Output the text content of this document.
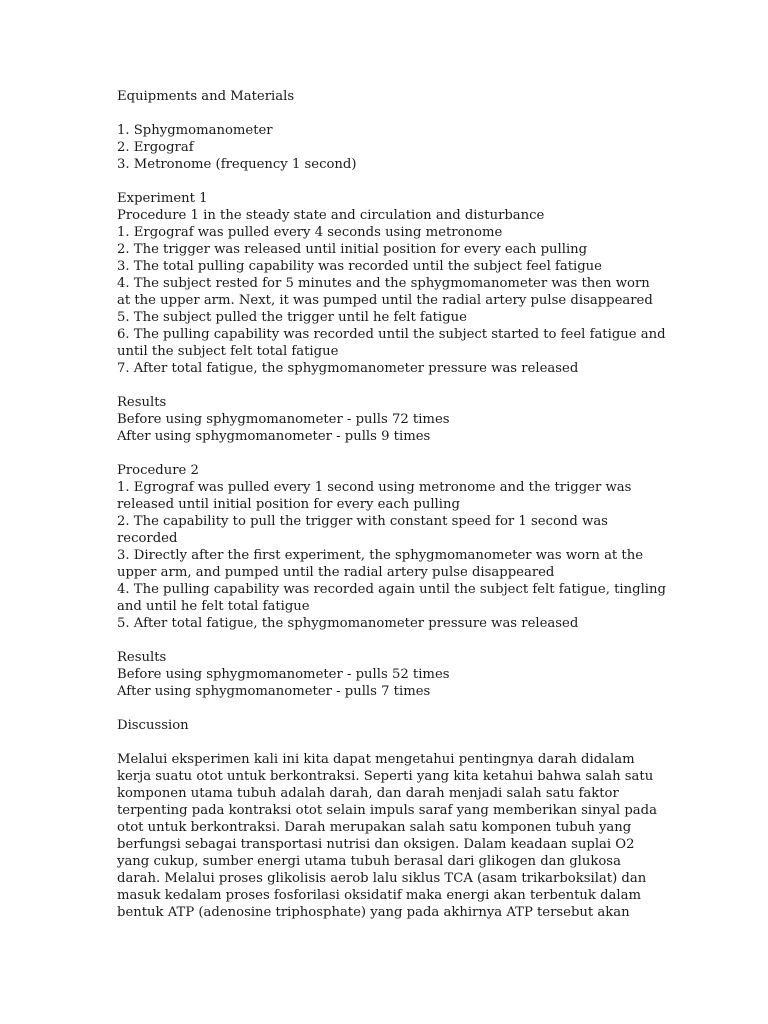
Equipments and Materials
1. Sphygmomanometer
2. Ergograf
3. Metronome (frequency 1 second)
Experiment 1
Procedure 1 in the steady state and circulation and disturbance
1. Ergograf was pulled every 4 seconds using metronome
2. The trigger was released until initial position for every each pulling
3. The total pulling capability was recorded until the subject feel fatigue
4. The subject rested for 5 minutes and the sphygmomanometer was then worn
at the upper arm. Next, it was pumped until the radial artery pulse disappeared
5. The subject pulled the trigger until he felt fatigue
6. The pulling capability was recorded until the subject started to feel fatigue and
until the subject felt total fatigue
7. After total fatigue, the sphygmomanometer pressure was released
Results
Before using sphygmomanometer - pulls 72 times
After using sphygmomanometer - pulls 9 times
Procedure 2
1. Egrograf was pulled every 1 second using metronome and the trigger was
released until initial position for every each pulling
2. The capability to pull the trigger with constant speed for 1 second was
recorded
3. Directly after the first experiment, the sphygmomanometer was worn at the
upper arm, and pumped until the radial artery pulse disappeared
4. The pulling capability was recorded again until the subject felt fatigue, tingling
and until he felt total fatigue
5. After total fatigue, the sphygmomanometer pressure was released
Results
Before using sphygmomanometer - pulls 52 times
After using sphygmomanometer - pulls 7 times
Discussion
Melalui eksperimen kali ini kita dapat mengetahui pentingnya darah didalam
kerja suatu otot untuk berkontraksi. Seperti yang kita ketahui bahwa salah satu
komponen utama tubuh adalah darah, dan darah menjadi salah satu faktor
terpenting pada kontraksi otot selain impuls saraf yang memberikan sinyal pada
otot untuk berkontraksi. Darah merupakan salah satu komponen tubuh yang
berfungsi sebagai transportasi nutrisi dan oksigen. Dalam keadaan suplai O2
yang cukup, sumber energi utama tubuh berasal dari glikogen dan glukosa
darah. Melalui proses glikolisis aerob lalu siklus TCA (asam trikarboksilat) dan
masuk kedalam proses fosforilasi oksidatif maka energi akan terbentuk dalam
bentuk ATP (adenosine triphosphate) yang pada akhirnya ATP tersebut akan
